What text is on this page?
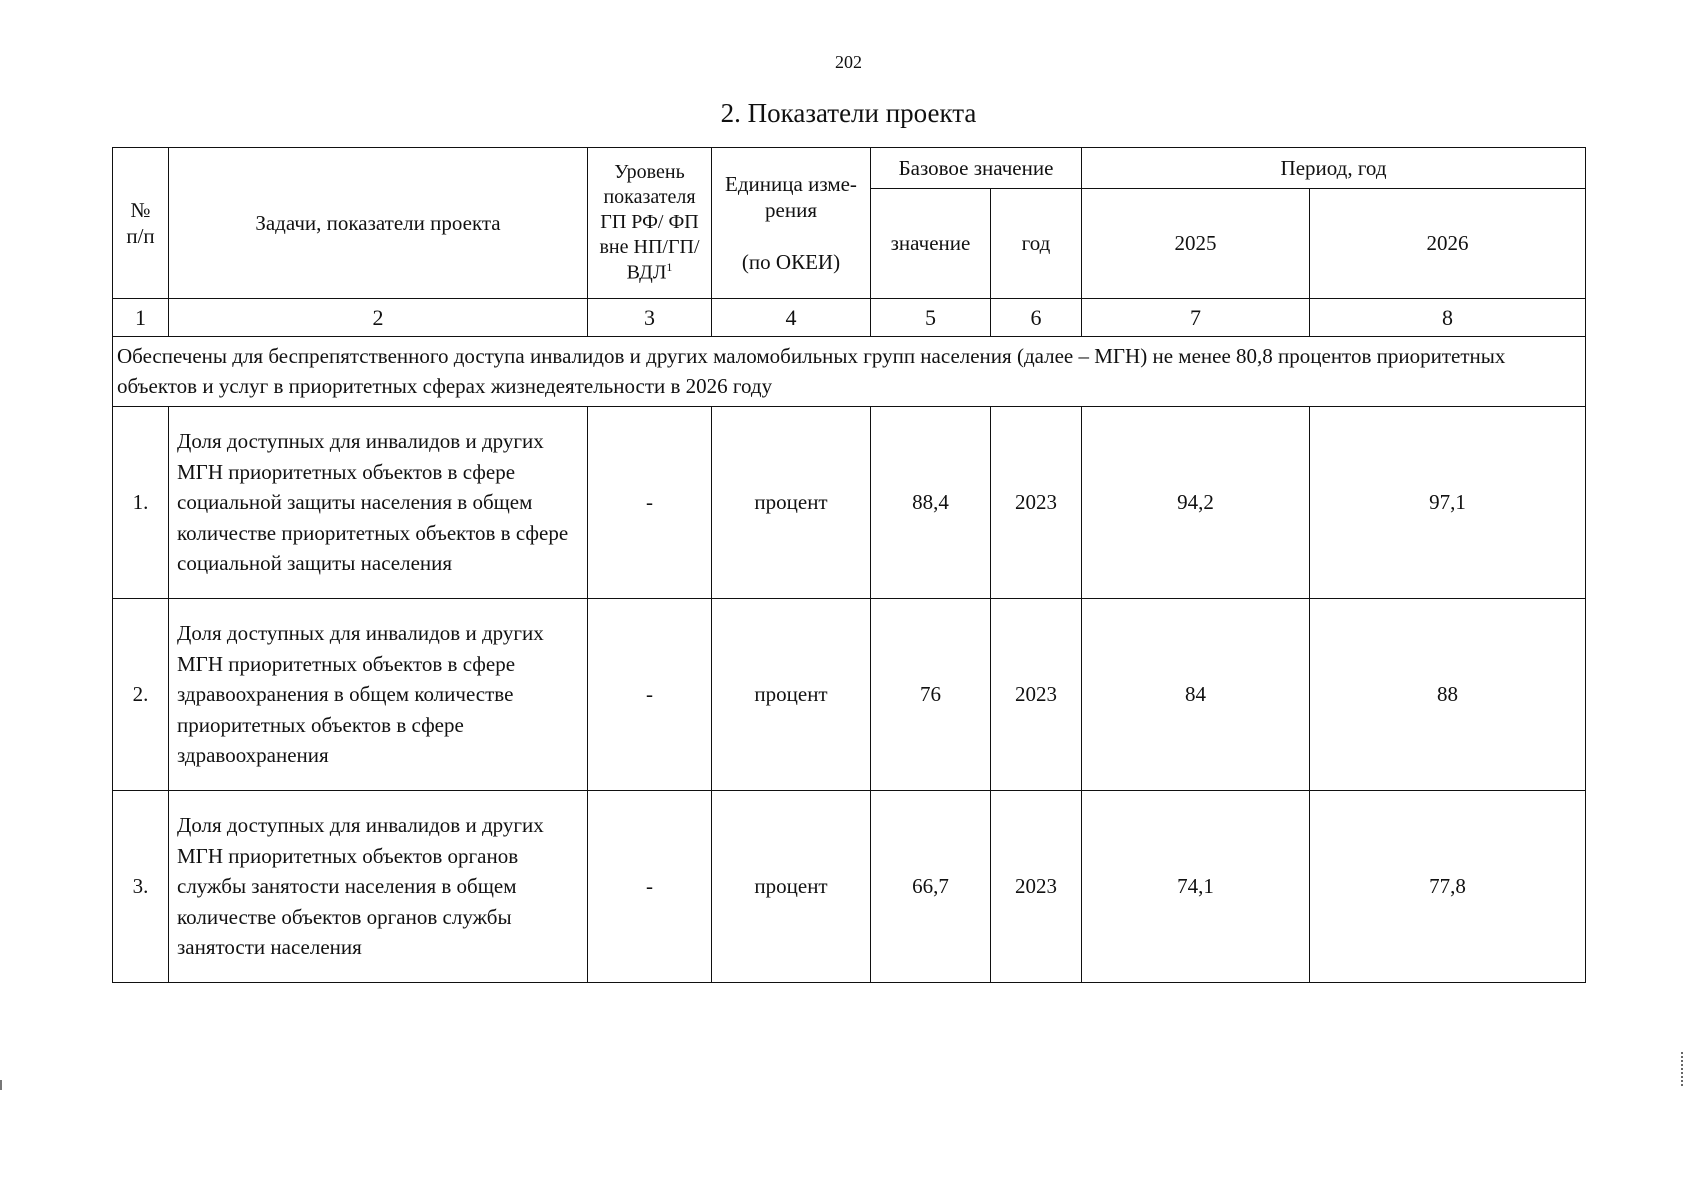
202
2. Показатели проекта
№
п/п	Задачи, показатели проекта	Уровень
показателя
ГП РФ/ ФП
вне НП/ГП/
ВДЛ$^1$	Единица изме-
рения

(по ОКЕИ)	Базовое значение		Период, год	
				значение	год	2025	2026
1	2	3	4	5	6	7	8
Обеспечены для беспрепятственного доступа инвалидов и других маломобильных групп населения (далее – МГН) не менее 80,8 процентов приоритетных объектов и услуг в приоритетных сферах жизнедеятельности в 2026 году							
1.	Доля доступных для инвалидов и других МГН приоритетных объектов в сфере социальной защиты населения в общем количестве приоритетных объектов в сфере социальной защиты населения	-	процент	88,4	2023	94,2	97,1
2.	Доля доступных для инвалидов и других МГН приоритетных объектов в сфере здравоохранения в общем количестве приоритетных объектов в сфере здравоохранения	-	процент	76	2023	84	88
3.	Доля доступных для инвалидов и других МГН приоритетных объектов органов службы занятости населения в общем количестве объектов органов службы занятости населения	-	процент	66,7	2023	74,1	77,8
